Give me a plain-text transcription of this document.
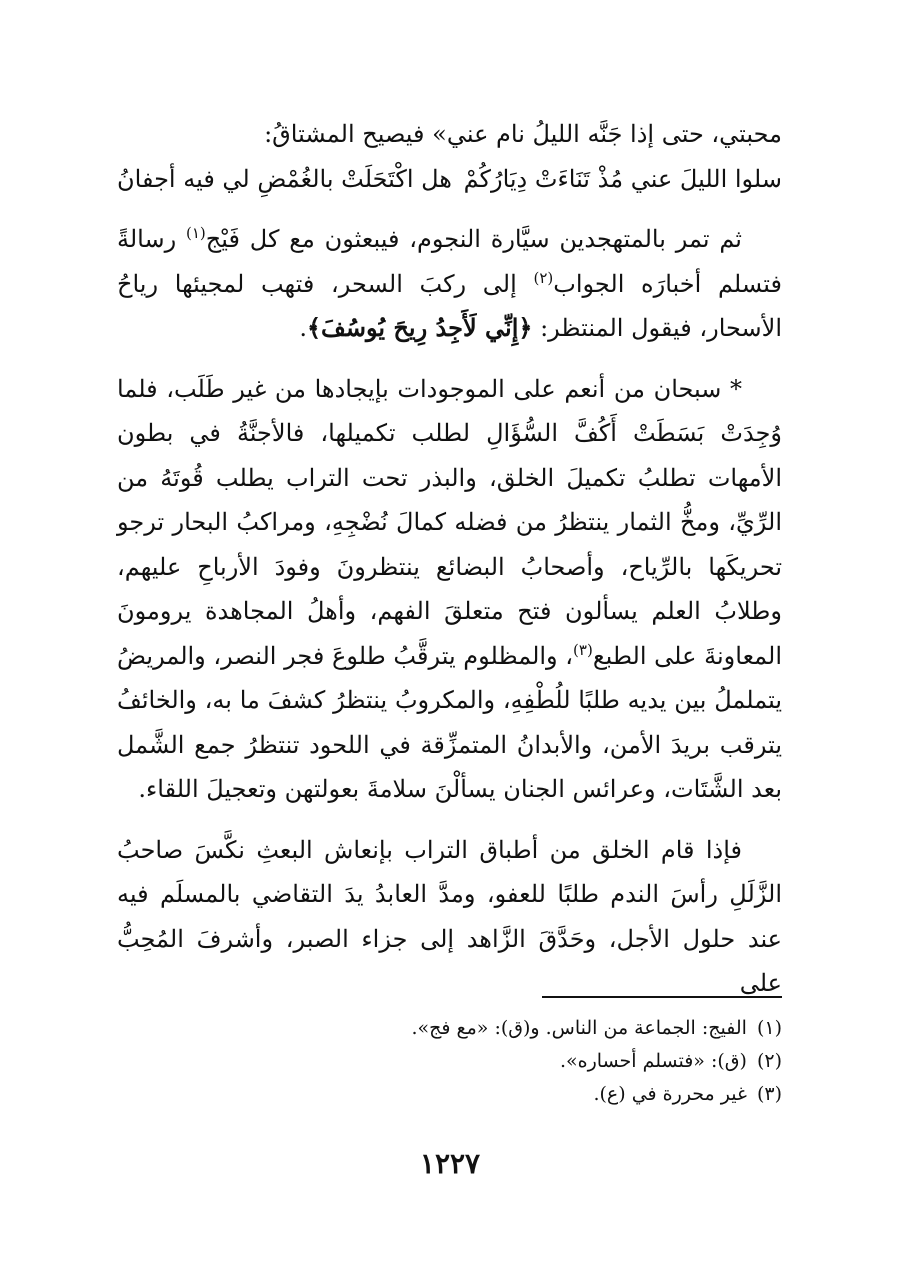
محبتي، حتى إذا جَنَّه الليلُ نام عني» فيصيح المشتاقُ:

سلوا الليلَ عني مُذْ تَنَاءَتْ دِيَارُكُمْ
هل اكْتَحَلَتْ بالغُمْضِ لي فيه أجفانُ

ثم تمر بالمتهجدين سيَّارة النجوم، فيبعثون مع كل فَيْج$^{(١)}$ رسالةً فتسلم أخبارَه الجواب$^{(٢)}$ إلى ركبَ السحر، فتهب لمجيئها رياحُ الأسحار، فيقول المنتظر: ﴿إِنِّي لَأَجِدُ رِيحَ يُوسُفَ﴾.

* سبحان من أنعم على الموجودات بإيجادها من غير طَلَب، فلما وُجِدَتْ بَسَطَتْ أَكُفَّ السُّؤَالِ لطلب تكميلها، فالأجنَّةُ في بطون الأمهات تطلبُ تكميلَ الخلق، والبذر تحت التراب يطلب قُوتَهُ من الرِّيِّ، ومخُّ الثمار ينتظرُ من فضله كمالَ نُضْجِهِ، ومراكبُ البحار ترجو تحريكَها بالرِّياح، وأصحابُ البضائع ينتظرونَ وفودَ الأرباحِ عليهم، وطلابُ العلم يسألون فتح متعلقَ الفهم، وأهلُ المجاهدة يرومونَ المعاونةَ على الطبع$^{(٣)}$، والمظلوم يترقَّبُ طلوعَ فجر النصر، والمريضُ يتململُ بين يديه طلبًا للُطْفِهِ، والمكروبُ ينتظرُ كشفَ ما به، والخائفُ يترقب بريدَ الأمن، والأبدانُ المتمزِّقة في اللحود تنتظرُ جمع الشَّمل بعد الشَّتَات، وعرائس الجنان يسألْنَ سلامةَ بعولتهن وتعجيلَ اللقاء.

فإذا قام الخلق من أطباق التراب بإنعاش البعثِ نكَّسَ صاحبُ الزَّلَلِ رأسَ الندم طلبًا للعفو، ومدَّ العابدُ يدَ التقاضي بالمسلَم فيه عند حلول الأجل، وحَدَّقَ الزَّاهد إلى جزاء الصبر، وأشرفَ المُحِبُّ على

(١)الفيج: الجماعة من الناس. و(ق): «مع فج».

(٢)(ق): «فتسلم أحساره».

(٣)غير محررة في (ع).

١٢٢٧
